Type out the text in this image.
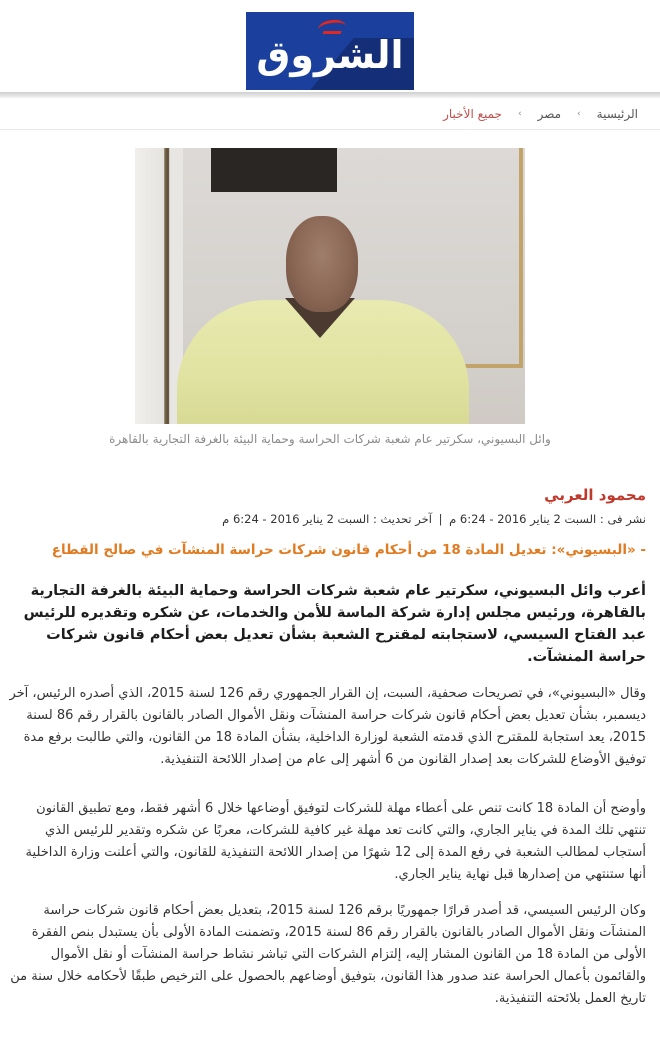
الشروق
الرئيسية
›
مصر
›
جميع الأخبار
وائل البسيوني، سكرتير عام شعبة شركات الحراسة وحماية البيئة بالغرفة التجارية بالقاهرة
محمود العربي
نشر فى : السبت 2 يناير 2016 - 6:24 م | آخر تحديث : السبت 2 يناير 2016 - 6:24 م
- «البسيوني»: تعديل المادة 18 من أحكام قانون شركات حراسة المنشآت في صالح القطاع

أعرب وائل البسيوني، سكرتير عام شعبة شركات الحراسة وحماية البيئة بالغرفة التجارية بالقاهرة، ورئيس مجلس إدارة شركة الماسة للأمن والخدمات، عن شكره وتقديره للرئيس عبد الفتاح السيسي، لاستجابته لمقترح الشعبة بشأن تعديل بعض أحكام قانون شركات حراسة المنشآت.

وقال «البسيوني»، في تصريحات صحفية، السبت، إن القرار الجمهوري رقم 126 لسنة 2015، الذي أصدره الرئيس، آخر ديسمبر، بشأن تعديل بعض أحكام قانون شركات حراسة المنشآت ونقل الأموال الصادر بالقانون بالقرار رقم 86 لسنة 2015، يعد استجابة للمقترح الذي قدمته الشعبة لوزارة الداخلية، بشأن المادة 18 من القانون، والتي طالبت برفع مدة توفيق الأوضاع للشركات بعد إصدار القانون من 6 أشهر إلى عام من إصدار اللائحة التنفيذية.

وأوضح أن المادة 18 كانت تنص على أعطاء مهلة للشركات لتوفيق أوضاعها خلال 6 أشهر فقط، ومع تطبيق القانون تنتهي تلك المدة في يناير الجاري، والتي كانت تعد مهلة غير كافية للشركات، معربًا عن شكره وتقدير للرئيس الذي أستجاب لمطالب الشعبة في رفع المدة إلى 12 شهرًا من إصدار اللائحة التنفيذية للقانون، والتي أعلنت وزارة الداخلية أنها ستنتهي من إصدارها قبل نهاية يناير الجاري.

وكان الرئيس السيسي، قد أصدر قرارًا جمهوريًا برقم 126 لسنة 2015، بتعديل بعض أحكام قانون شركات حراسة المنشآت ونقل الأموال الصادر بالقانون بالقرار رقم 86 لسنة 2015، وتضمنت المادة الأولى بأن يستبدل بنص الفقرة الأولى من المادة 18 من القانون المشار إليه، إلتزام الشركات التي تباشر نشاط حراسة المنشآت أو نقل الأموال والقائمون بأعمال الحراسة عند صدور هذا القانون، بتوفيق أوضاعهم بالحصول على الترخيص طبقًا لأحكامه خلال سنة من تاريخ العمل بلائحته التنفيذية.
